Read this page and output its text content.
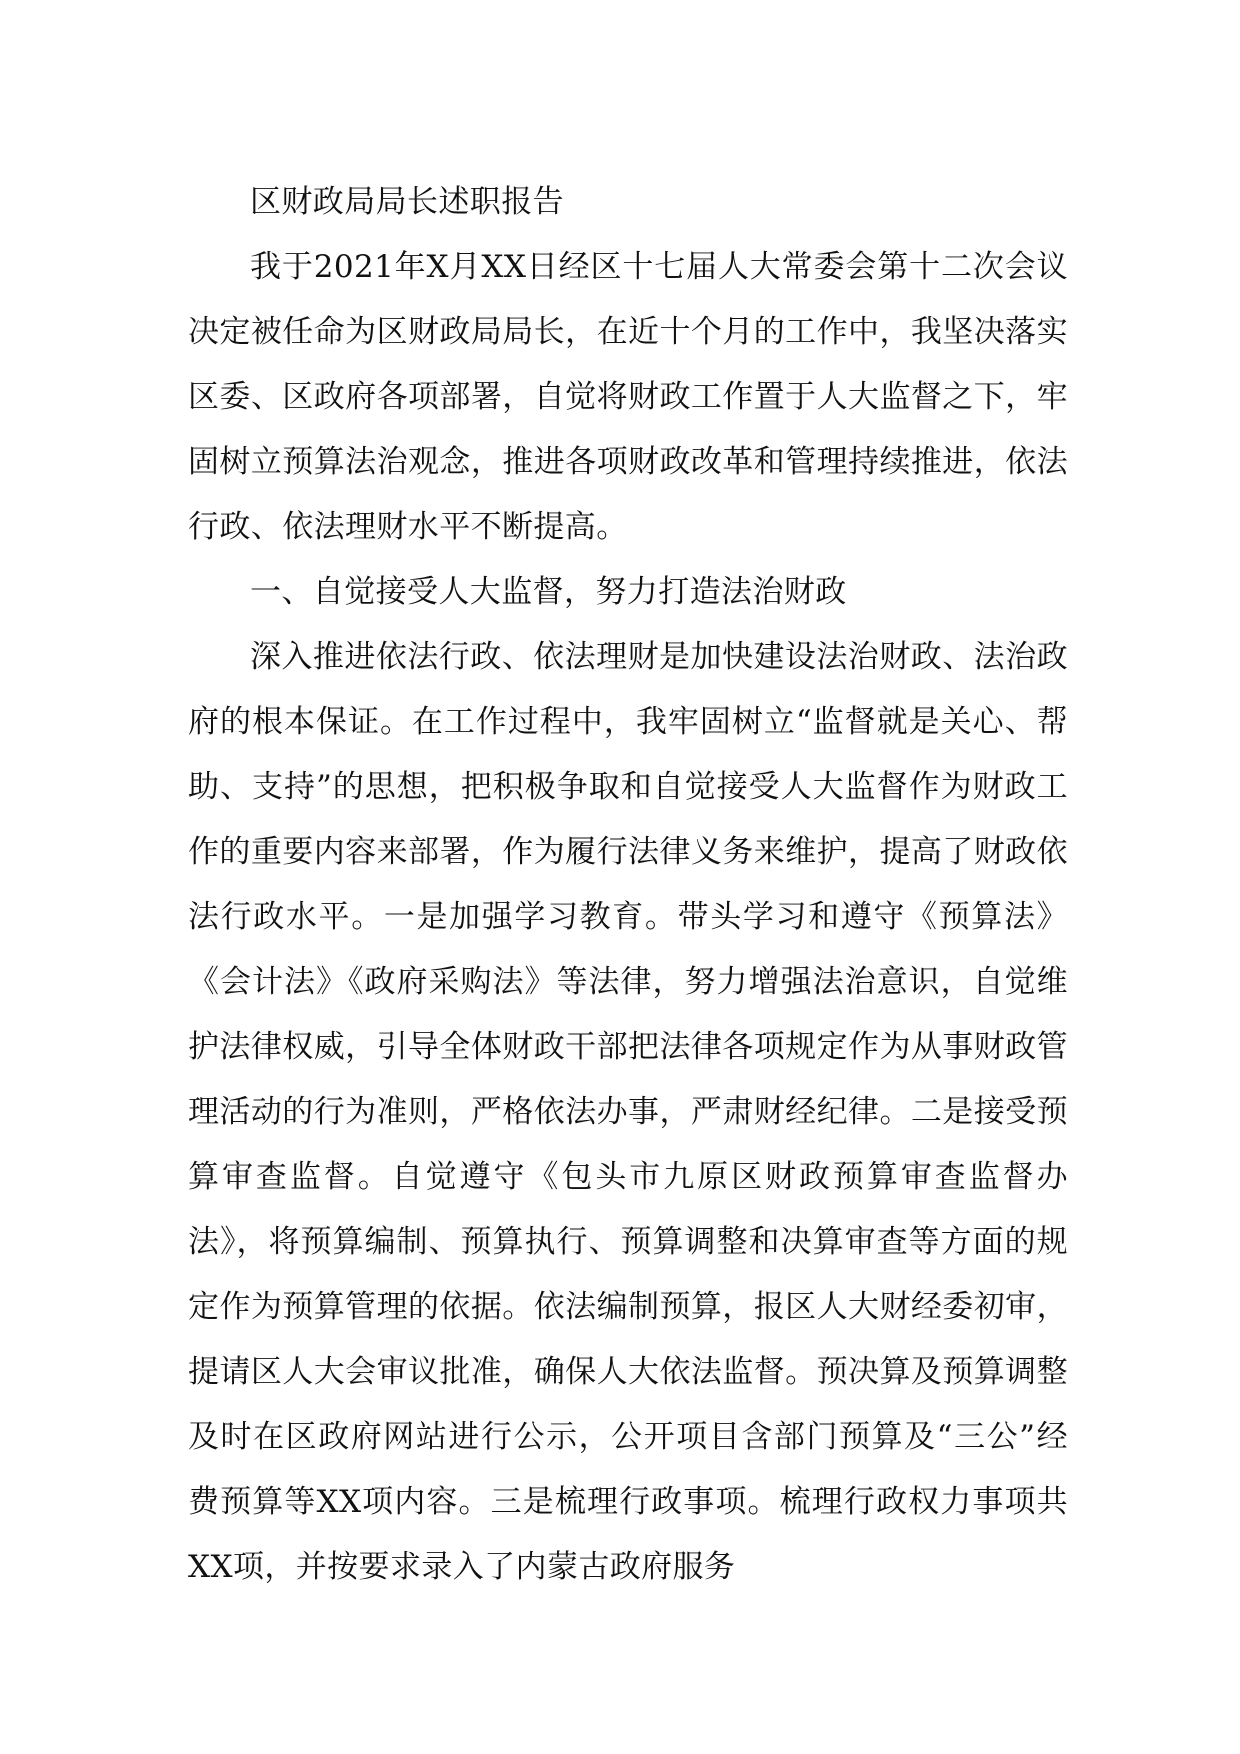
区财政局局长述职报告

我于2021年X月XX日经区十七届人大常委会第十二次会议决定被任命为区财政局局长，在近十个月的工作中，我坚决落实区委、区政府各项部署，自觉将财政工作置于人大监督之下，牢固树立预算法治观念，推进各项财政改革和管理持续推进，依法行政、依法理财水平不断提高。

一、自觉接受人大监督，努力打造法治财政

深入推进依法行政、依法理财是加快建设法治财政、法治政府的根本保证。在工作过程中，我牢固树立“监督就是关心、帮助、支持”的思想，把积极争取和自觉接受人大监督作为财政工作的重要内容来部署，作为履行法律义务来维护，提高了财政依法行政水平。一是加强学习教育。带头学习和遵守《预算法》《会计法》《政府采购法》等法律，努力增强法治意识，自觉维护法律权威，引导全体财政干部把法律各项规定作为从事财政管理活动的行为准则，严格依法办事，严肃财经纪律。二是接受预算审查监督。自觉遵守《包头市九原区财政预算审查监督办法》，将预算编制、预算执行、预算调整和决算审查等方面的规定作为预算管理的依据。依法编制预算，报区人大财经委初审，提请区人大会审议批准，确保人大依法监督。预决算及预算调整及时在区政府网站进行公示，公开项目含部门预算及“三公”经费预算等XX项内容。三是梳理行政事项。梳理行政权力事项共XX项，并按要求录入了内蒙古政府服务
